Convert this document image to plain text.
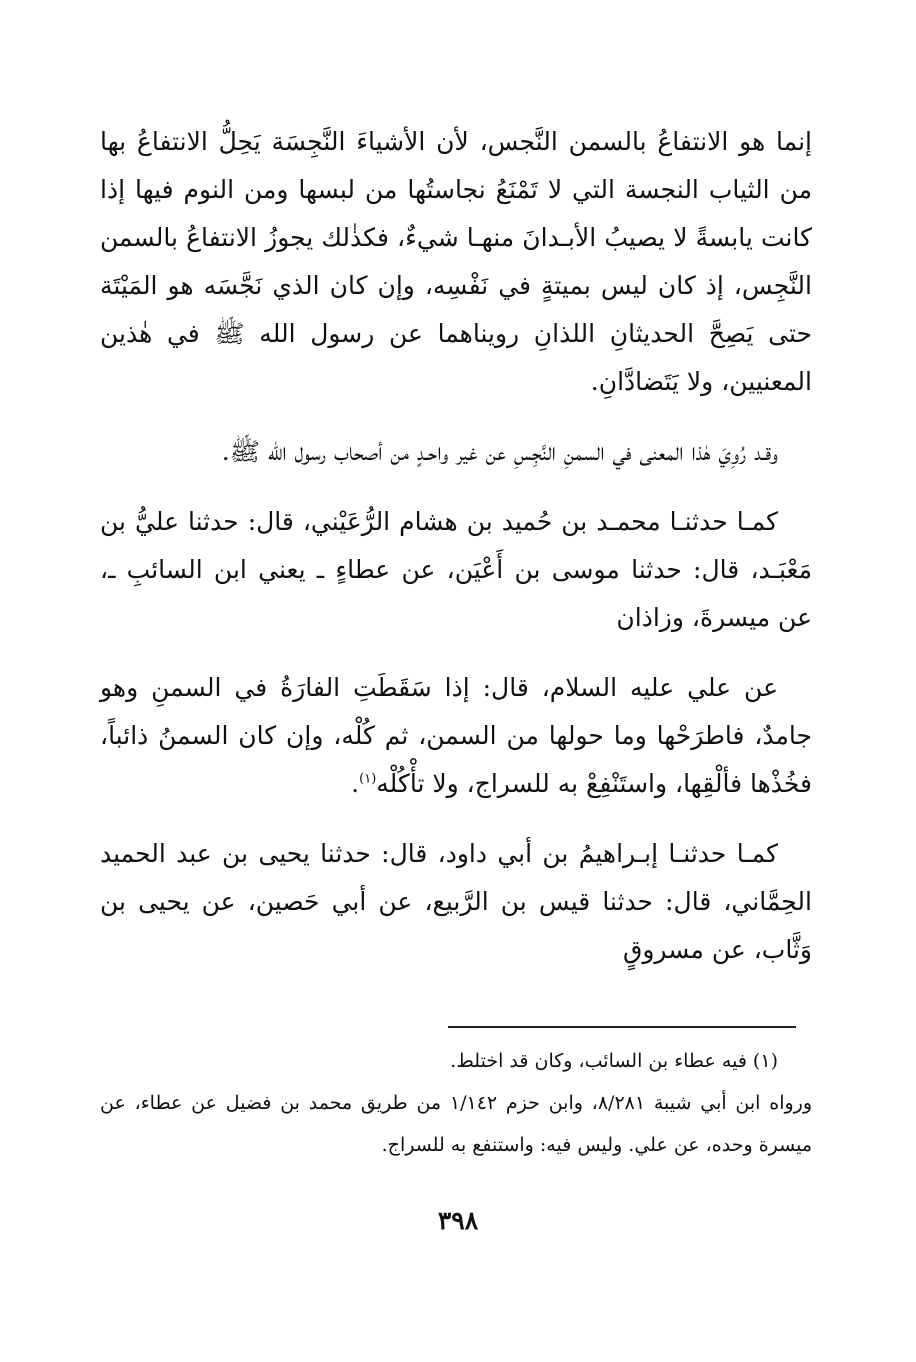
إنما هو الانتفاعُ بالسمن النَّجس، لأن الأشياءَ النَّجِسَة يَحِلُّ الانتفاعُ بها من الثياب النجسة التي لا تَمْنَعُ نجاستُها من لبسها ومن النوم فيها إذا كانت يابسةً لا يصيبُ الأبـدانَ منهـا شيءٌ، فكذٰلك يجوزُ الانتفاعُ بالسمن النَّجِس، إذ كان ليس بميتةٍ في نَفْسِه، وإن كان الذي نَجَّسَه هو المَيْتَة حتى يَصِحَّ الحديثانِ اللذانِ رويناهما عن رسول الله ﷺ في هٰذين المعنيين، ولا يَتَضادَّانِ.

وقـد رُوِيَ هٰذا المعنى في السمنِ النَّجِسِ عن غير واحـدٍ من أصحاب رسول الله ﷺ.

كمـا حدثنـا محمـد بن حُميد بن هشام الرُّعَيْني، قال: حدثنا عليُّ بن مَعْبَـد، قال: حدثنا موسى بن أَعْيَن، عن عطاءٍ ـ يعني ابن السائبِ ـ، عن ميسرةَ، وزاذان

عن علي عليه السلام، قال: إذا سَقَطَتِ الفارَةُ في السمنِ وهو جامدٌ، فاطرَحْها وما حولها من السمن، ثم كُلْه، وإن كان السمنُ ذائباً، فخُذْها فألْقِها، واستَنْفِعْ به للسراج، ولا تأْكُلْه$^{(١)}$.

كمـا حدثنـا إبـراهيمُ بن أبي داود، قال: حدثنا يحيى بن عبد الحميد الحِمَّاني، قال: حدثنا قيس بن الرَّبيع، عن أبي حَصين، عن يحيى بن وَثَّاب، عن مسروقٍ

(١) فيه عطاء بن السائب، وكان قد اختلط.

ورواه ابن أبي شيبة ٨/٢٨١، وابن حزم ١/١٤٢ من طريق محمد بن فضيل عن عطاء، عن ميسرة وحده، عن علي. وليس فيه: واستنفع به للسراج.

٣٩٨
